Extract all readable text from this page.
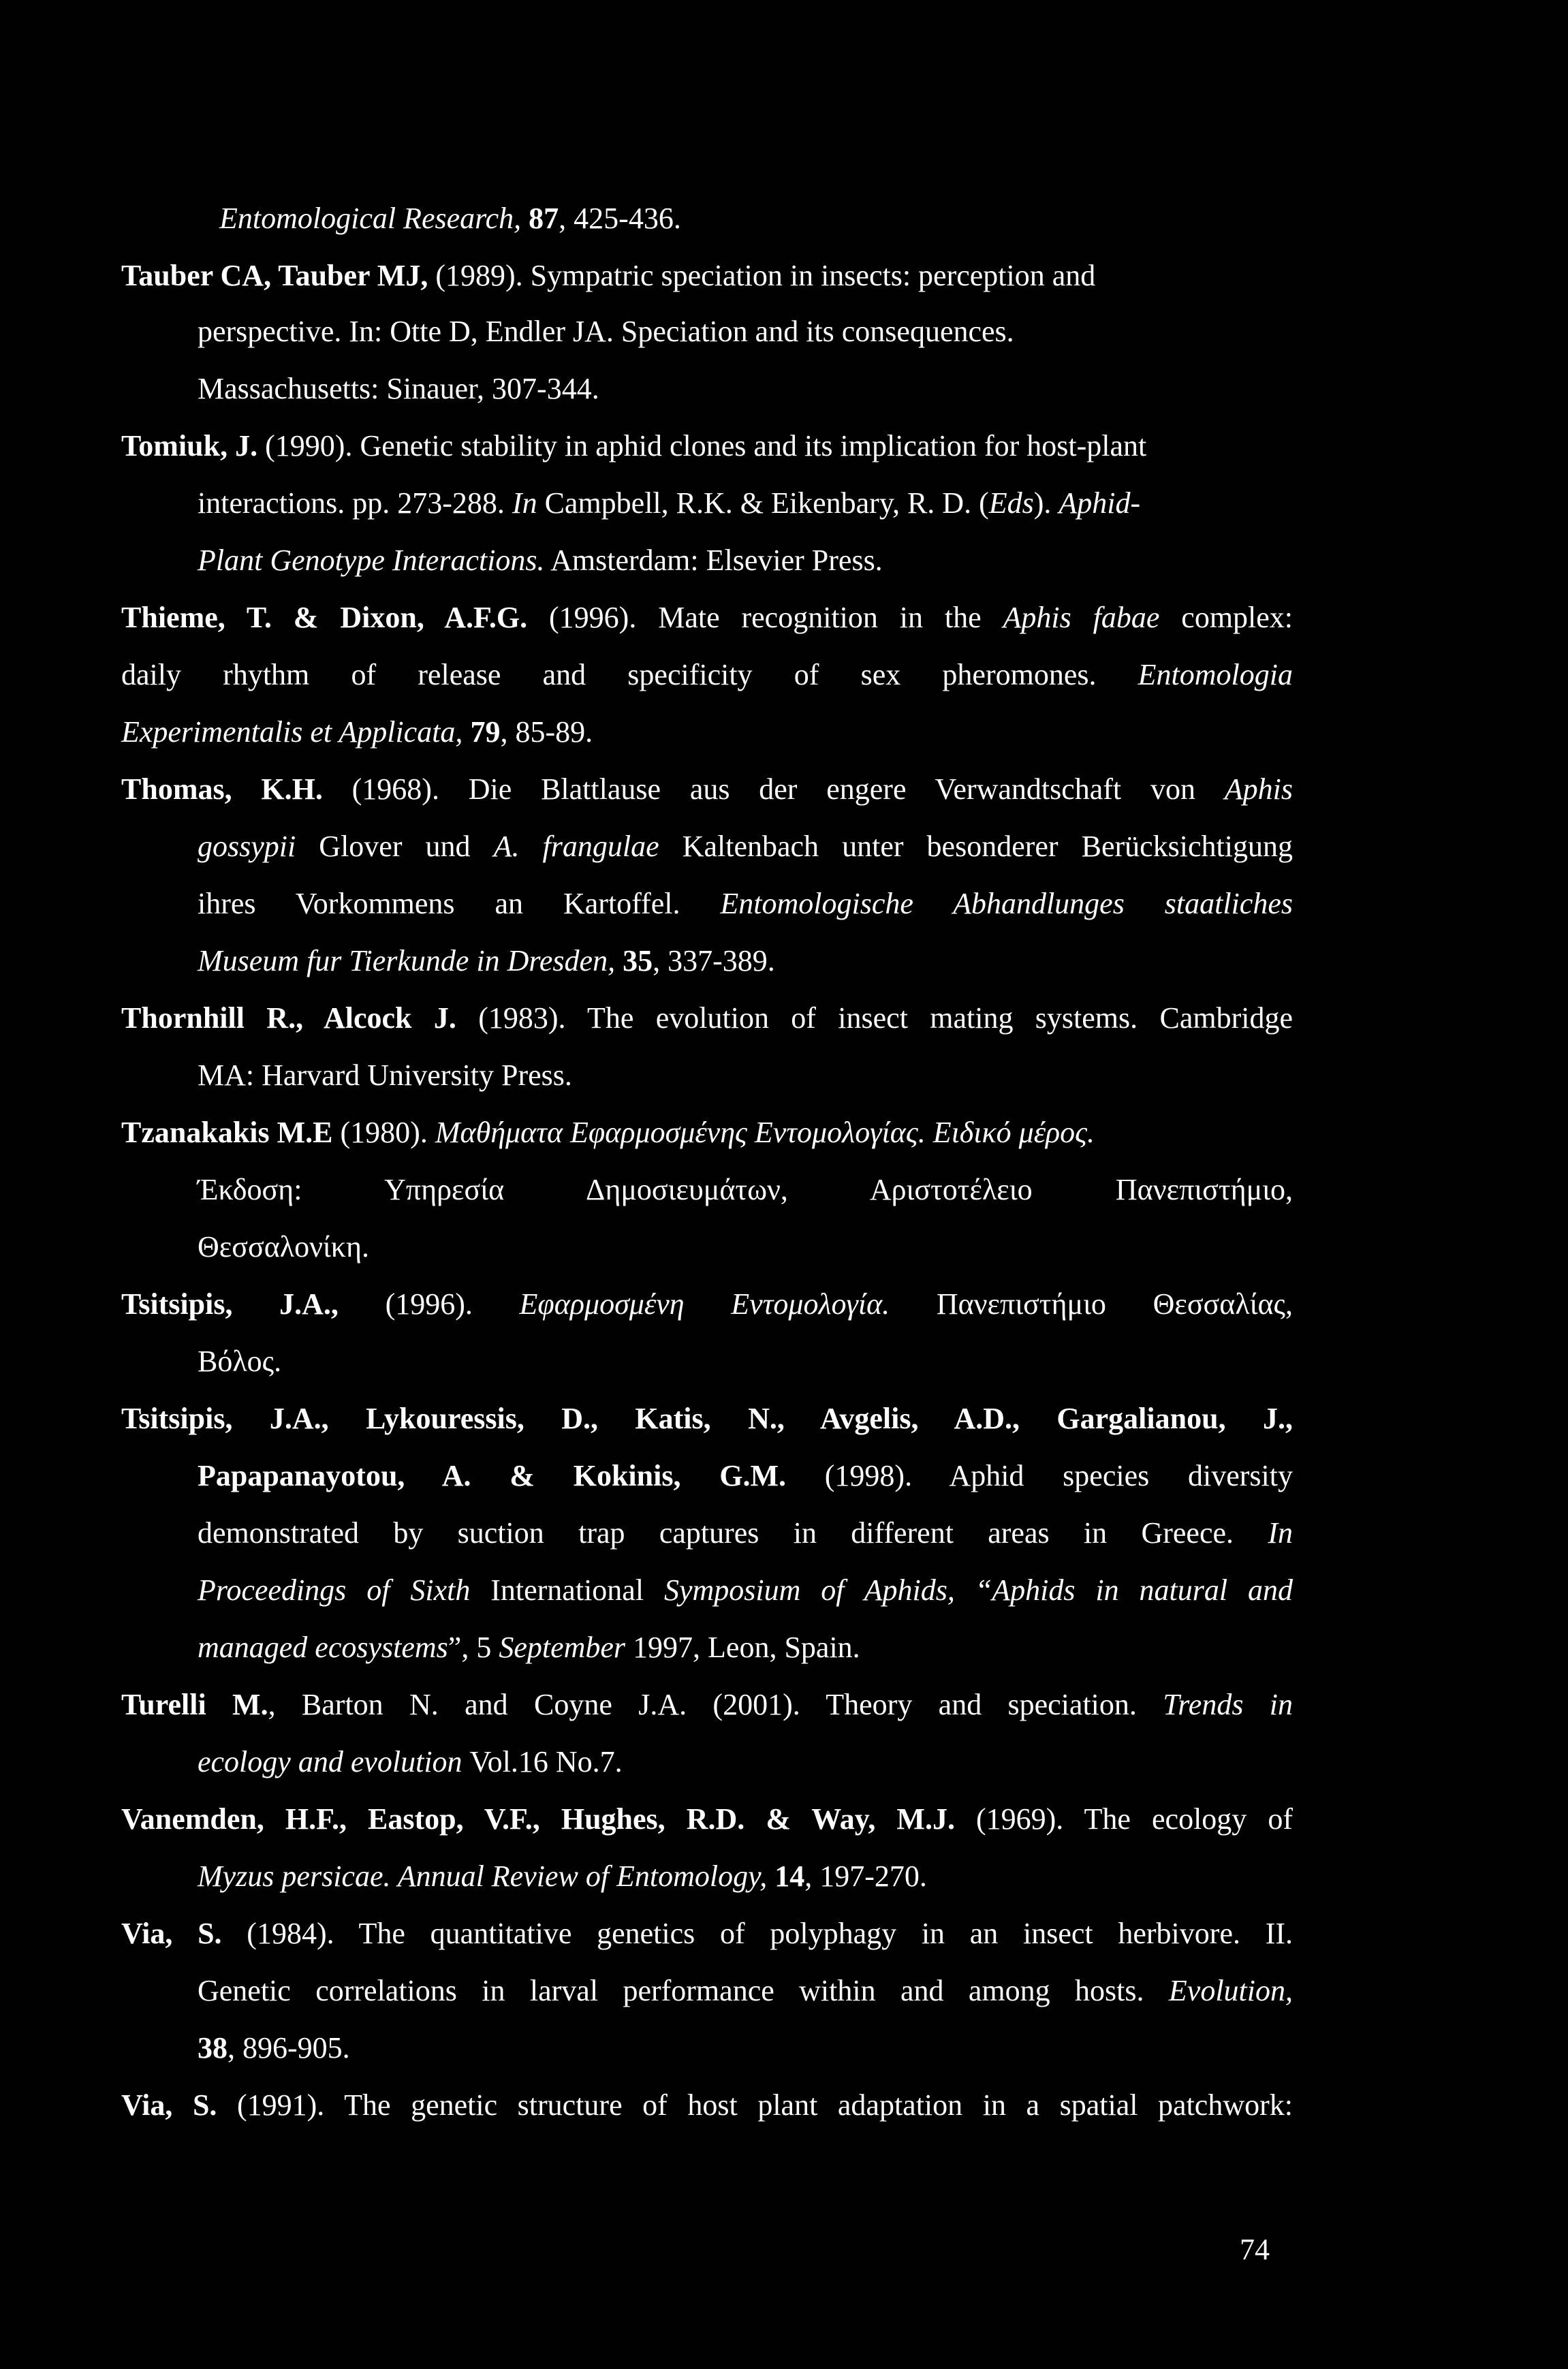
Entomological Research, 87, 425-436.
Tauber CA, Tauber MJ, (1989). Sympatric speciation in insects: perception and
perspective. In: Otte D, Endler JA. Speciation and its consequences.
Massachusetts: Sinauer, 307-344.
Tomiuk, J. (1990). Genetic stability in aphid clones and its implication for host-plant
interactions. pp. 273-288. In Campbell, R.K. & Eikenbary, R. D. (Eds). Aphid-
Plant Genotype Interactions. Amsterdam: Elsevier Press.
Thieme, T. & Dixon, A.F.G. (1996). Mate recognition in the Aphis fabae complex:
daily rhythm of release and specificity of sex pheromones. Entomologia
Experimentalis et Applicata, 79, 85-89.
Thomas, K.H. (1968). Die Blattlause aus der engere Verwandtschaft von Aphis
gossypii Glover und A. frangulae Kaltenbach unter besonderer Berücksichtigung
ihres Vorkommens an Kartoffel. Entomologische Abhandlunges staatliches
Museum fur Tierkunde in Dresden, 35, 337-389.
Thornhill R., Alcock J. (1983). The evolution of insect mating systems. Cambridge
MA: Harvard University Press.
Tzanakakis M.E (1980). Μαθήματα Εφαρμοσμένης Εντομολογίας. Ειδικό μέρος.
Έκδοση: Υπηρεσία Δημοσιευμάτων, Αριστοτέλειο Πανεπιστήμιο,
Θεσσαλονίκη.
Tsitsipis, J.A., (1996). Εφαρμοσμένη Εντομολογία. Πανεπιστήμιο Θεσσαλίας,
Βόλος.
Tsitsipis, J.A., Lykouressis, D., Katis, N., Avgelis, A.D., Gargalianou, J.,
Papapanayotou, A. & Kokinis, G.M. (1998). Aphid species diversity
demonstrated by suction trap captures in different areas in Greece. In
Proceedings of Sixth International Symposium of Aphids, “Aphids in natural and
managed ecosystems”, 5 September 1997, Leon, Spain.
Turelli M., Barton N. and Coyne J.A. (2001). Theory and speciation. Trends in
ecology and evolution Vol.16 No.7.
Vanemden, H.F., Eastop, V.F., Hughes, R.D. & Way, M.J. (1969). The ecology of
Myzus persicae. Annual Review of Entomology, 14, 197-270.
Via, S. (1984). The quantitative genetics of polyphagy in an insect herbivore. II.
Genetic correlations in larval performance within and among hosts. Evolution,
38, 896-905.
Via, S. (1991). The genetic structure of host plant adaptation in a spatial patchwork:
74
